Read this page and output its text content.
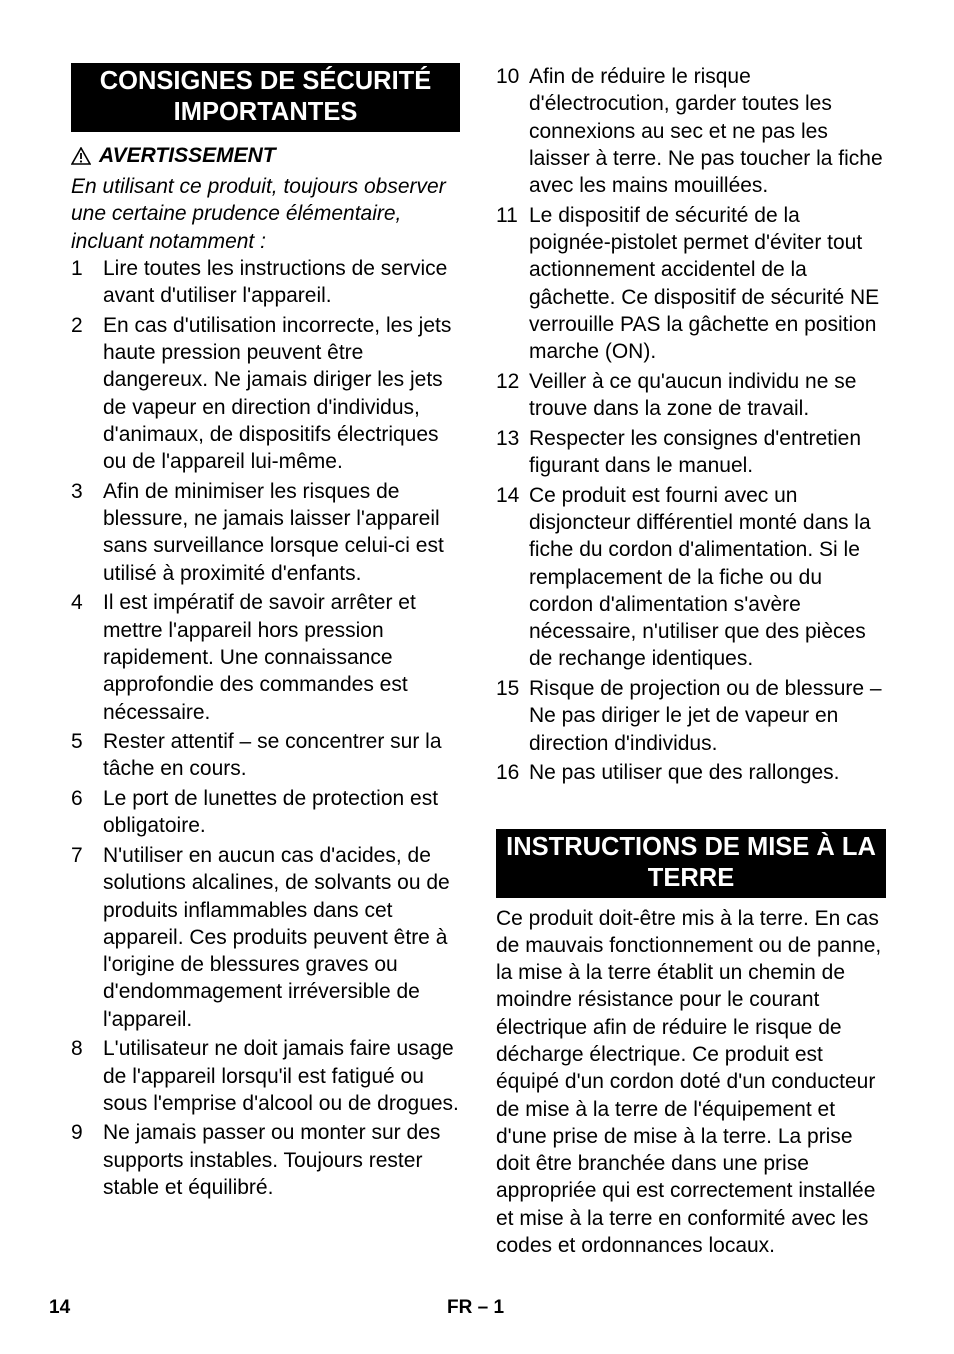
CONSIGNES DE SÉCURITÉ IMPORTANTES
AVERTISSEMENT
En utilisant ce produit, toujours observer une certaine prudence élémentaire, incluant notamment :
1 Lire toutes les instructions de service avant d'utiliser l'appareil.
2 En cas d'utilisation incorrecte, les jets haute pression peuvent être dangereux. Ne jamais diriger les jets de vapeur en direction d'individus, d'animaux, de dispositifs électriques ou de l'appareil lui-même.
3 Afin de minimiser les risques de blessure, ne jamais laisser l'appareil sans surveillance lorsque celui-ci est utilisé à proximité d'enfants.
4 Il est impératif de savoir arrêter et mettre l'appareil hors pression rapidement. Une connaissance approfondie des commandes est nécessaire.
5 Rester attentif – se concentrer sur la tâche en cours.
6 Le port de lunettes de protection est obligatoire.
7 N'utiliser en aucun cas d'acides, de solutions alcalines, de solvants ou de produits inflammables dans cet appareil. Ces produits peuvent être à l'origine de blessures graves ou d'endommagement irréversible de l'appareil.
8 L'utilisateur ne doit jamais faire usage de l'appareil lorsqu'il est fatigué ou sous l'emprise d'alcool ou de drogues.
9 Ne jamais passer ou monter sur des supports instables. Toujours rester stable et équilibré.
10 Afin de réduire le risque d'électrocution, garder toutes les connexions au sec et ne pas les laisser à terre. Ne pas toucher la fiche avec les mains mouillées.
11 Le dispositif de sécurité de la poignée-pistolet permet d'éviter tout actionnement accidentel de la gâchette. Ce dispositif de sécurité NE verrouille PAS la gâchette en position marche (ON).
12 Veiller à ce qu'aucun individu ne se trouve dans la zone de travail.
13 Respecter les consignes d'entretien figurant dans le manuel.
14 Ce produit est fourni avec un disjoncteur différentiel monté dans la fiche du cordon d'alimentation. Si le remplacement de la fiche ou du cordon d'alimentation s'avère nécessaire, n'utiliser que des pièces de rechange identiques.
15 Risque de projection ou de blessure – Ne pas diriger le jet de vapeur en direction d'individus.
16 Ne pas utiliser que des rallonges.
INSTRUCTIONS DE MISE À LA TERRE
Ce produit doit-être mis à la terre. En cas de mauvais fonctionnement ou de panne, la mise à la terre établit un chemin de moindre résistance pour le courant électrique afin de réduire le risque de décharge électrique. Ce produit est équipé d'un cordon doté d'un conducteur de mise à la terre de l'équipement et d'une prise de mise à la terre. La prise doit être branchée dans une prise appropriée qui est correctement installée et mise à la terre en conformité avec les codes et ordonnances locaux.
14	FR – 1
